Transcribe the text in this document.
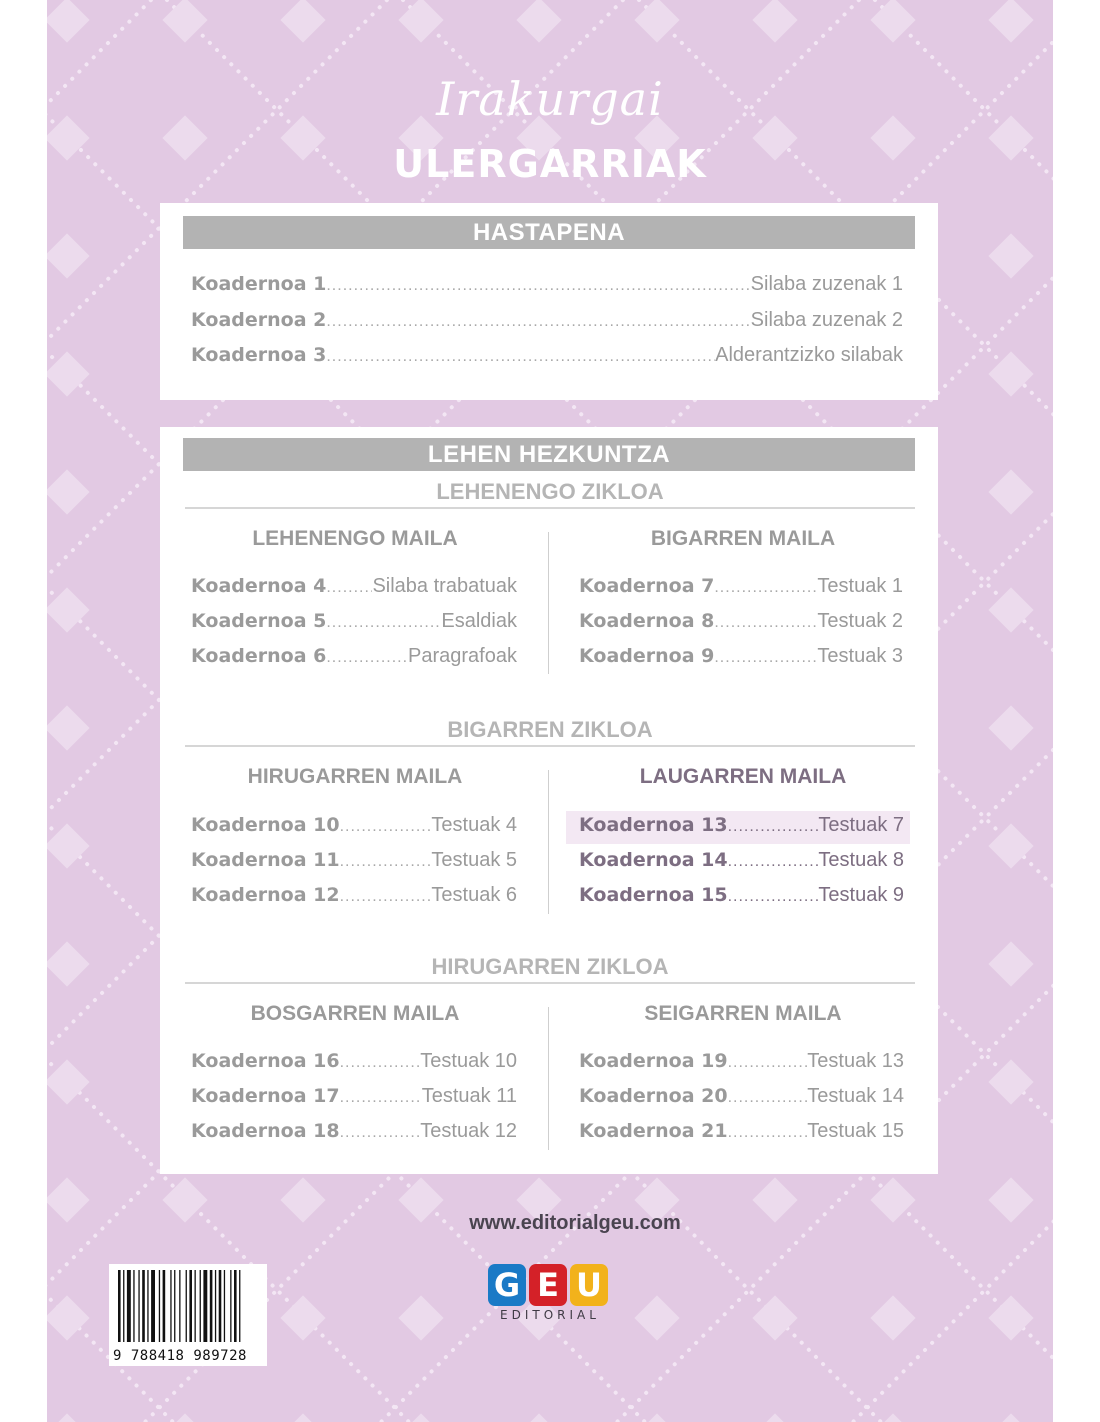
Irakurgai
ULERGARRIAK
HASTAPENA
Koadernoa 1 .....	Silaba zuzenak 1
Koadernoa 2 .....	Silaba zuzenak 2
Koadernoa 3 .....	Alderantzizko silabak
LEHEN HEZKUNTZA
LEHENENGO ZIKLOA
LEHENENGO MAILA	BIGARREN MAILA
Koadernoa 4 ..... Silaba trabatuak
Koadernoa 5 .....	Esaldiak
Koadernoa 6 .....	Paragrafoak
Koadernoa 7 .....	Testuak 1
Koadernoa 8 .....	Testuak 2
Koadernoa 9 .....	Testuak 3
BIGARREN ZIKLOA
HIRUGARREN MAILA	LAUGARREN MAILA
Koadernoa 10 .....	Testuak 4
Koadernoa 11 .....	Testuak 5
Koadernoa 12 .....	Testuak 6
Koadernoa 13 .....	Testuak 7
Koadernoa 14 .....	Testuak 8
Koadernoa 15 .....	Testuak 9
HIRUGARREN ZIKLOA
BOSGARREN MAILA	SEIGARREN MAILA
Koadernoa 16 .....	Testuak 10
Koadernoa 17 .....	Testuak 11
Koadernoa 18 .....	Testuak 12
Koadernoa 19 .....	Testuak 13
Koadernoa 20 .....	Testuak 14
Koadernoa 21 .....	Testuak 15
www.editorialgeu.com
G E U
EDITORIAL
9 788418 989728
